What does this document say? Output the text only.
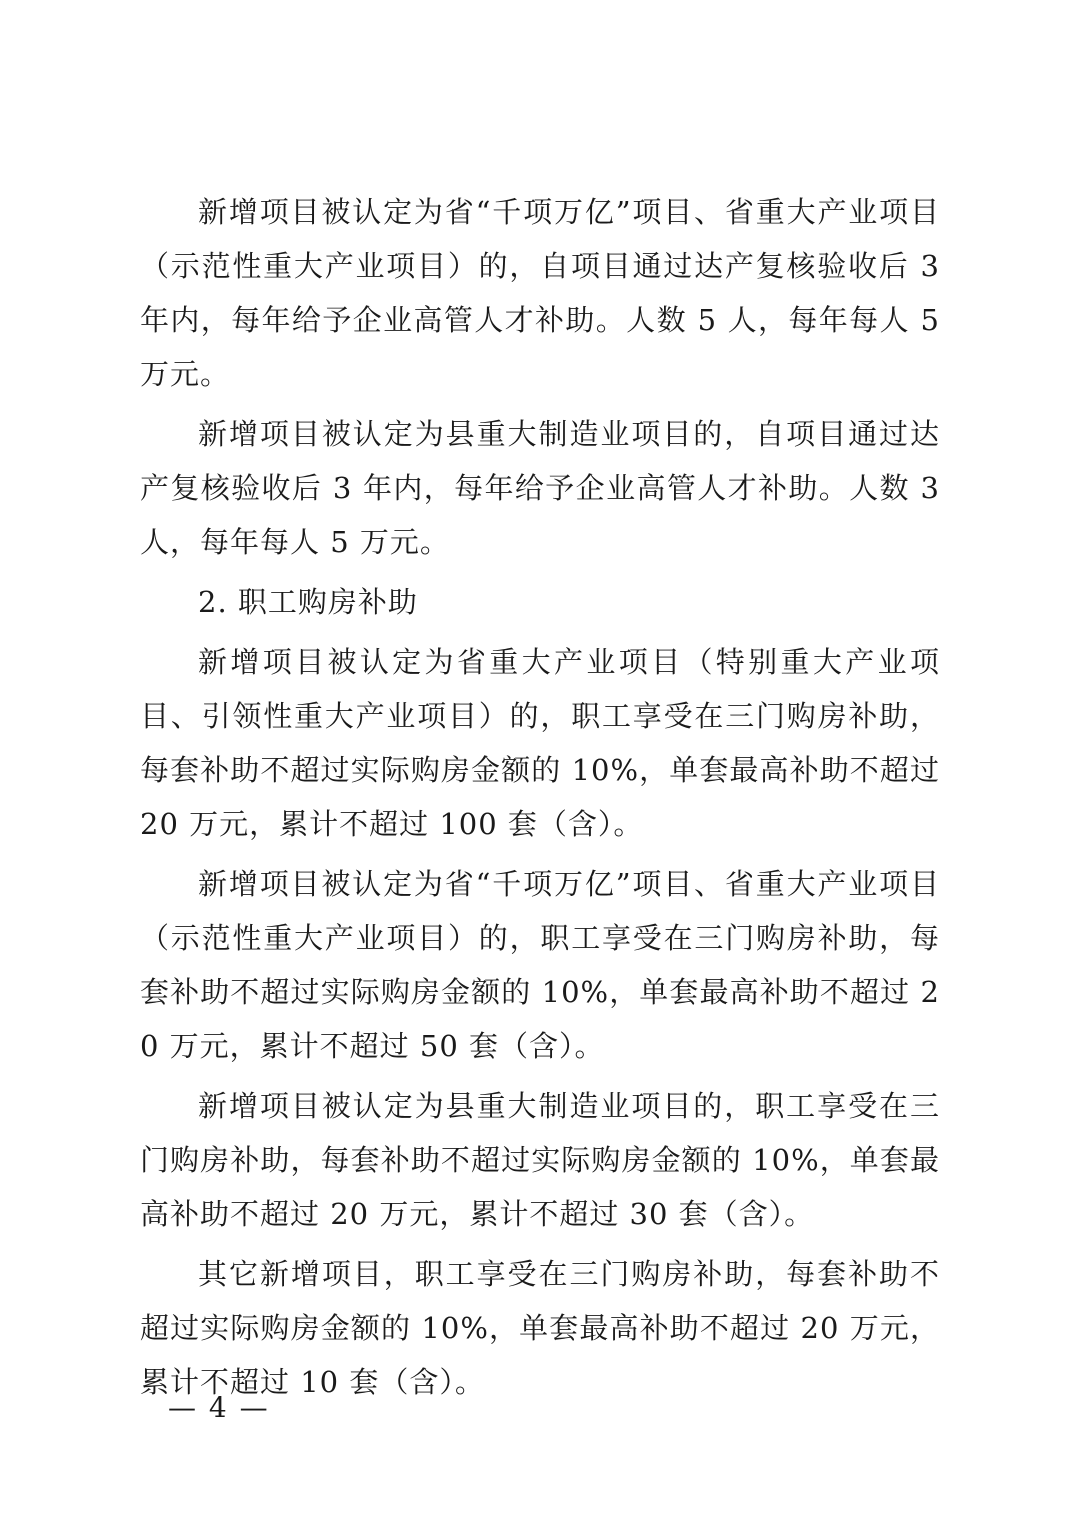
新增项目被认定为省“千项万亿”项目、省重大产业项目（示范性重大产业项目）的，自项目通过达产复核验收后 3 年内，每年给予企业高管人才补助。人数 5 人，每年每人 5 万元。

新增项目被认定为县重大制造业项目的，自项目通过达产复核验收后 3 年内，每年给予企业高管人才补助。人数 3 人，每年每人 5 万元。

2. 职工购房补助

新增项目被认定为省重大产业项目（特别重大产业项目、引领性重大产业项目）的，职工享受在三门购房补助，每套补助不超过实际购房金额的 10%，单套最高补助不超过 20 万元，累计不超过 100 套（含）。

新增项目被认定为省“千项万亿”项目、省重大产业项目（示范性重大产业项目）的，职工享受在三门购房补助，每套补助不超过实际购房金额的 10%，单套最高补助不超过 20 万元，累计不超过 50 套（含）。

新增项目被认定为县重大制造业项目的，职工享受在三门购房补助，每套补助不超过实际购房金额的 10%，单套最高补助不超过 20 万元，累计不超过 30 套（含）。

其它新增项目，职工享受在三门购房补助，每套补助不超过实际购房金额的 10%，单套最高补助不超过 20 万元，累计不超过 10 套（含）。

— 4 —
